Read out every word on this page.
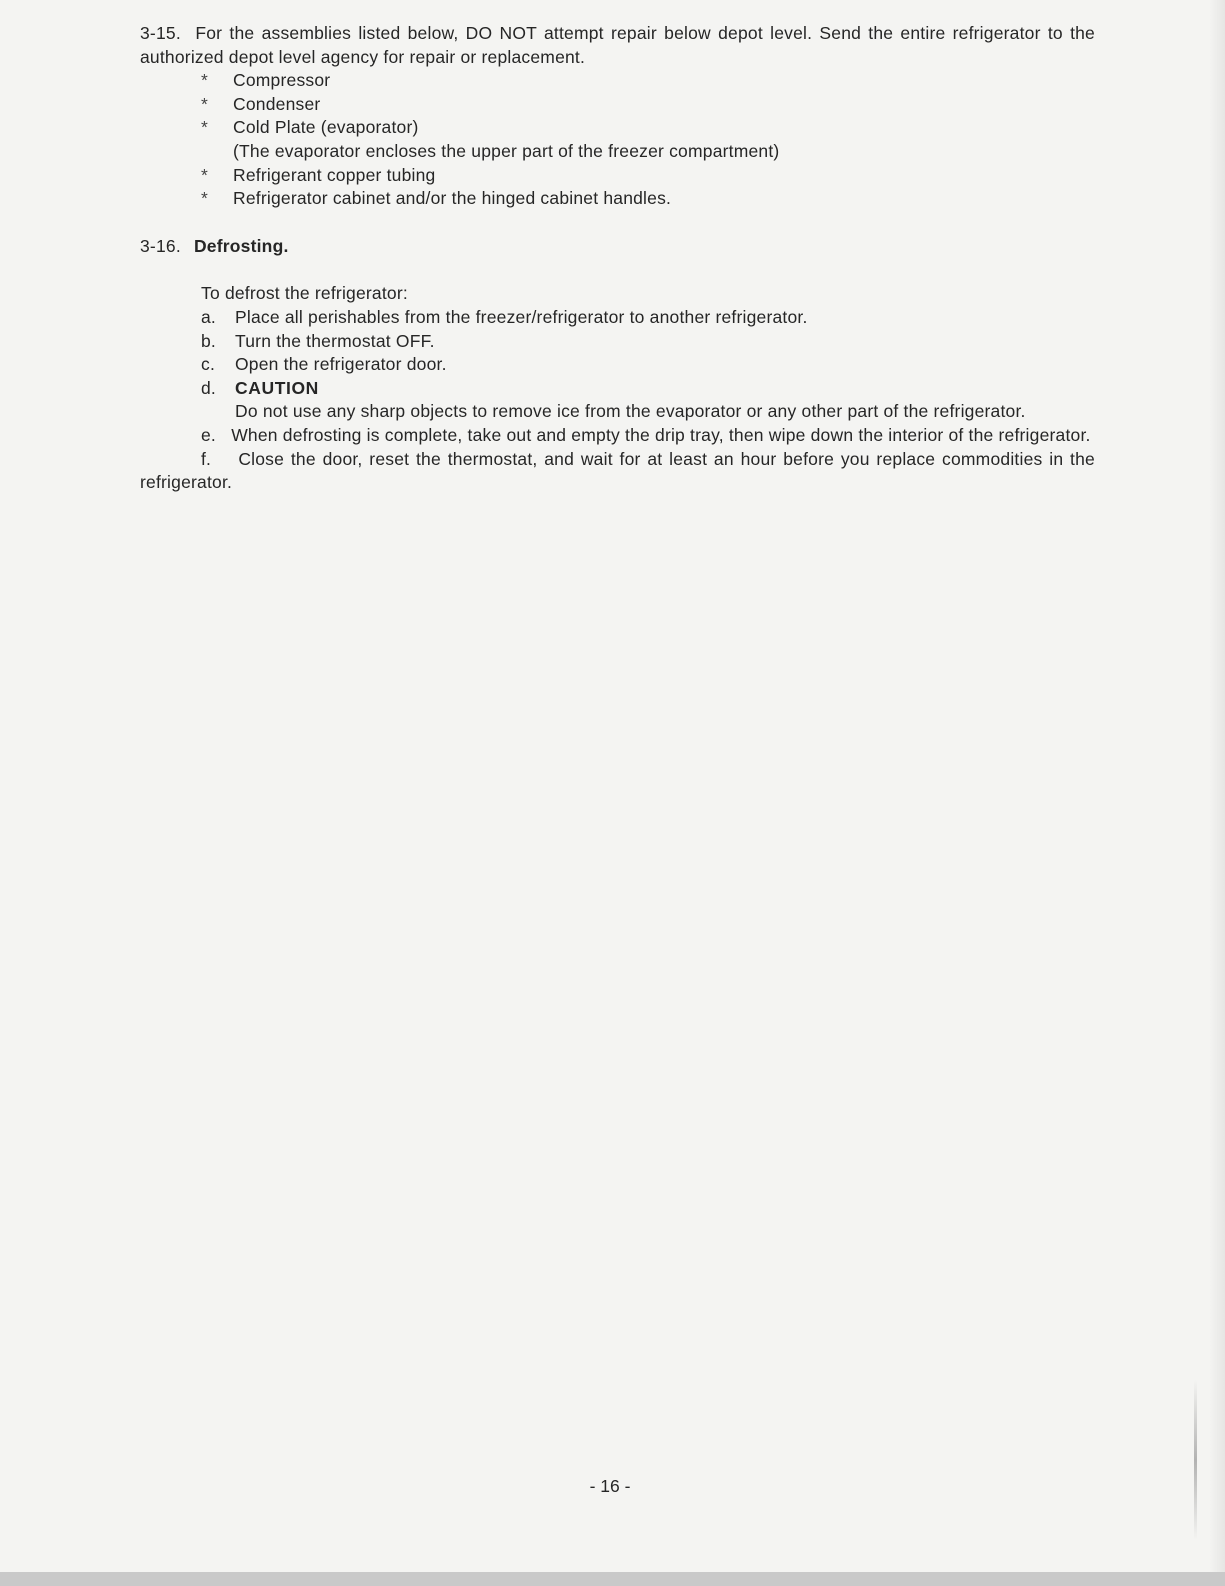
3-15. For the assemblies listed below, DO NOT attempt repair below depot level. Send the entire refrigerator to the authorized depot level agency for repair or replacement.

* Compressor
* Condenser
* Cold Plate (evaporator)
(The evaporator encloses the upper part of the freezer compartment)
* Refrigerant copper tubing
* Refrigerator cabinet and/or the hinged cabinet handles.

3-16. Defrosting.

To defrost the refrigerator:

a. Place all perishables from the freezer/refrigerator to another refrigerator.
b. Turn the thermostat OFF.
c. Open the refrigerator door.
d. CAUTION

Do not use any sharp objects to remove ice from the evaporator or any other part of the refrigerator.

e. When defrosting is complete, take out and empty the drip tray, then wipe down the interior of the refrigerator.

f. Close the door, reset the thermostat, and wait for at least an hour before you replace commodities in the refrigerator.

- 16 -
